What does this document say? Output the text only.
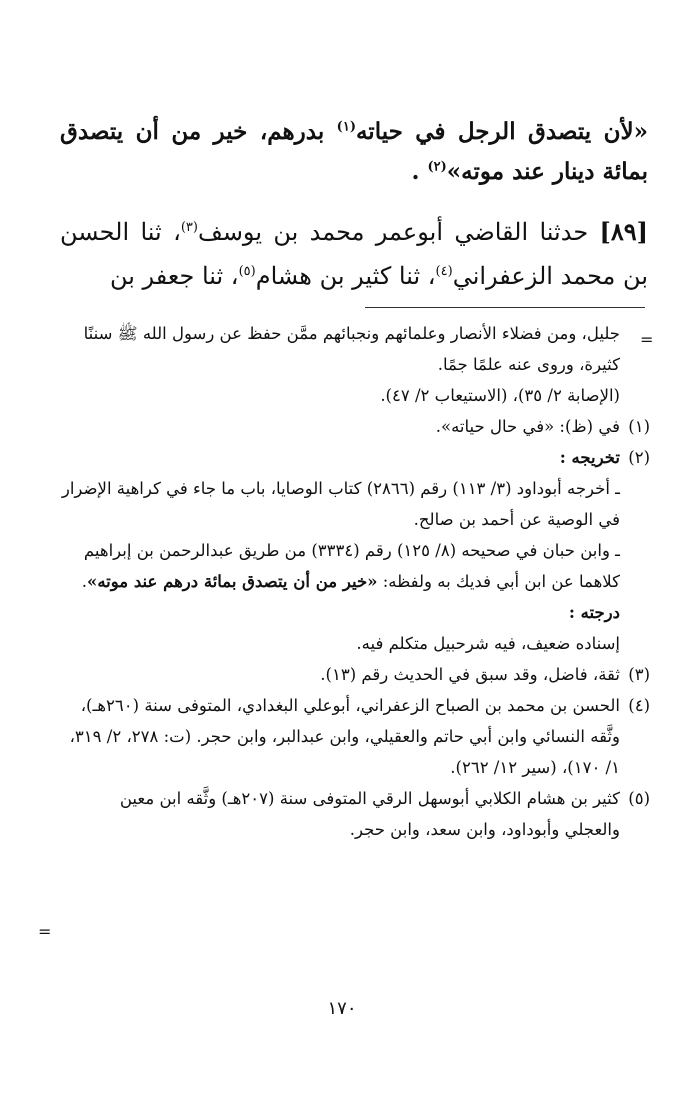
«لأن يتصدق الرجل في حياته$^{(١)}$ بدرهم، خير من أن يتصدق بمائة دينار عند موته»$^{(٢)}$ .
[٨٩] حدثنا القاضي أبوعمر محمد بن يوسف$^{(٣)}$، ثنا الحسن بن محمد الزعفراني$^{(٤)}$، ثنا كثير بن هشام$^{(٥)}$، ثنا جعفر بن
=

جليل، ومن فضلاء الأنصار وعلمائهم ونجبائهم ممَّن حفظ عن رسول الله ﷺ سننًا كثيرة، وروى عنه علمًا جمًا.

(الإصابة ٢/ ٣٥)، (الاستيعاب ٢/ ٤٧).

(١)
في (ظ): «في حال حياته».
(٢)
تخريجه :

ـ أخرجه أبوداود (٣/ ١١٣) رقم (٢٨٦٦) كتاب الوصايا، باب ما جاء في كراهية الإضرار في الوصية عن أحمد بن صالح.

ـ وابن حبان في صحيحه (٨/ ١٢٥) رقم (٣٣٣٤) من طريق عبدالرحمن بن إبراهيم كلاهما عن ابن أبي فديك به ولفظه: «خير من أن يتصدق بمائة درهم عند موته».

درجته :

إسناده ضعيف، فيه شرحبيل متكلم فيه.

(٣)
ثقة، فاضل، وقد سبق في الحديث رقم (١٣).
(٤)
الحسن بن محمد بن الصباح الزعفراني، أبوعلي البغدادي، المتوفى سنة (٢٦٠هـ)، وثَّقه النسائي وابن أبي حاتم والعقيلي، وابن عبدالبر، وابن حجر. (ت: ٢٧٨، ٢/ ٣١٩، ١/ ١٧٠)، (سير ١٢/ ٢٦٢).
(٥)
كثير بن هشام الكلابي أبوسهل الرقي المتوفى سنة (٢٠٧هـ) وثَّقه ابن معين والعجلي وأبوداود، وابن سعد، وابن حجر.
=
١٧٠
